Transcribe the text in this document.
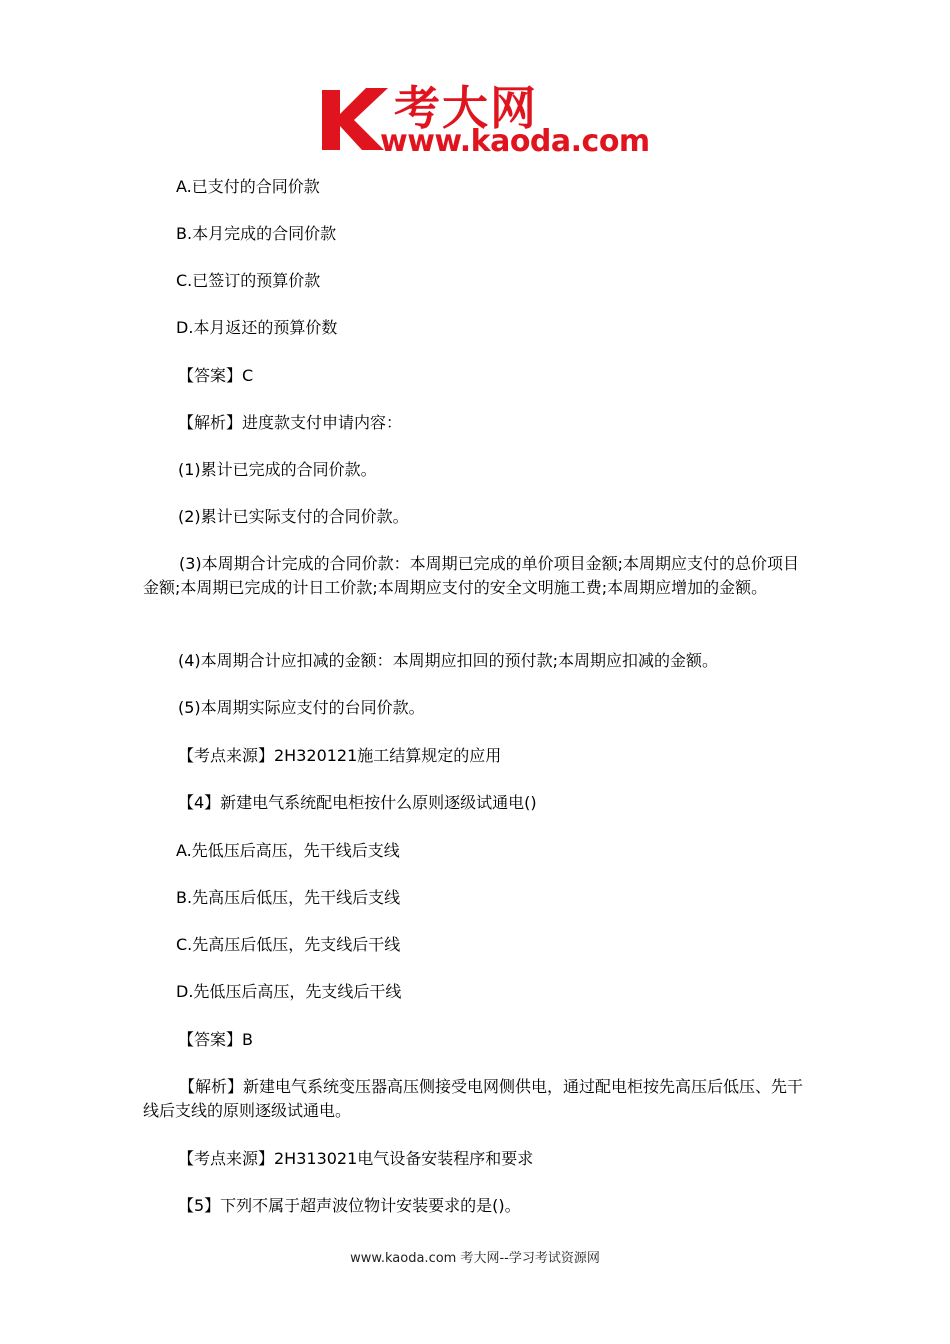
考大网
www.kaoda.com
A.已支付的合同价款
B.本月完成的合同价款
C.已签订的预算价款
D.本月返还的预算价数
【答案】C
【解析】进度款支付申请内容：
(1)累计已完成的合同价款。
(2)累计已实际支付的合同价款。
(3)本周期合计完成的合同价款：本周期已完成的单价项目金额;本周期应支付的总价项目金额;本周期已完成的计日工价款;本周期应支付的安全文明施工费;本周期应增加的金额。
(4)本周期合计应扣减的金额：本周期应扣回的预付款;本周期应扣减的金额。
(5)本周期实际应支付的台同价款。
【考点来源】2H320121施工结算规定的应用
【4】新建电气系统配电柜按什么原则逐级试通电()
A.先低压后高压，先干线后支线
B.先高压后低压，先干线后支线
C.先高压后低压，先支线后干线
D.先低压后高压，先支线后干线
【答案】B
【解析】新建电气系统变压器高压侧接受电网侧供电，通过配电柜按先高压后低压、先干线后支线的原则逐级试通电。
【考点来源】2H313021电气设备安装程序和要求
【5】下列不属于超声波位物计安装要求的是()。
www.kaoda.com 考大网--学习考试资源网
